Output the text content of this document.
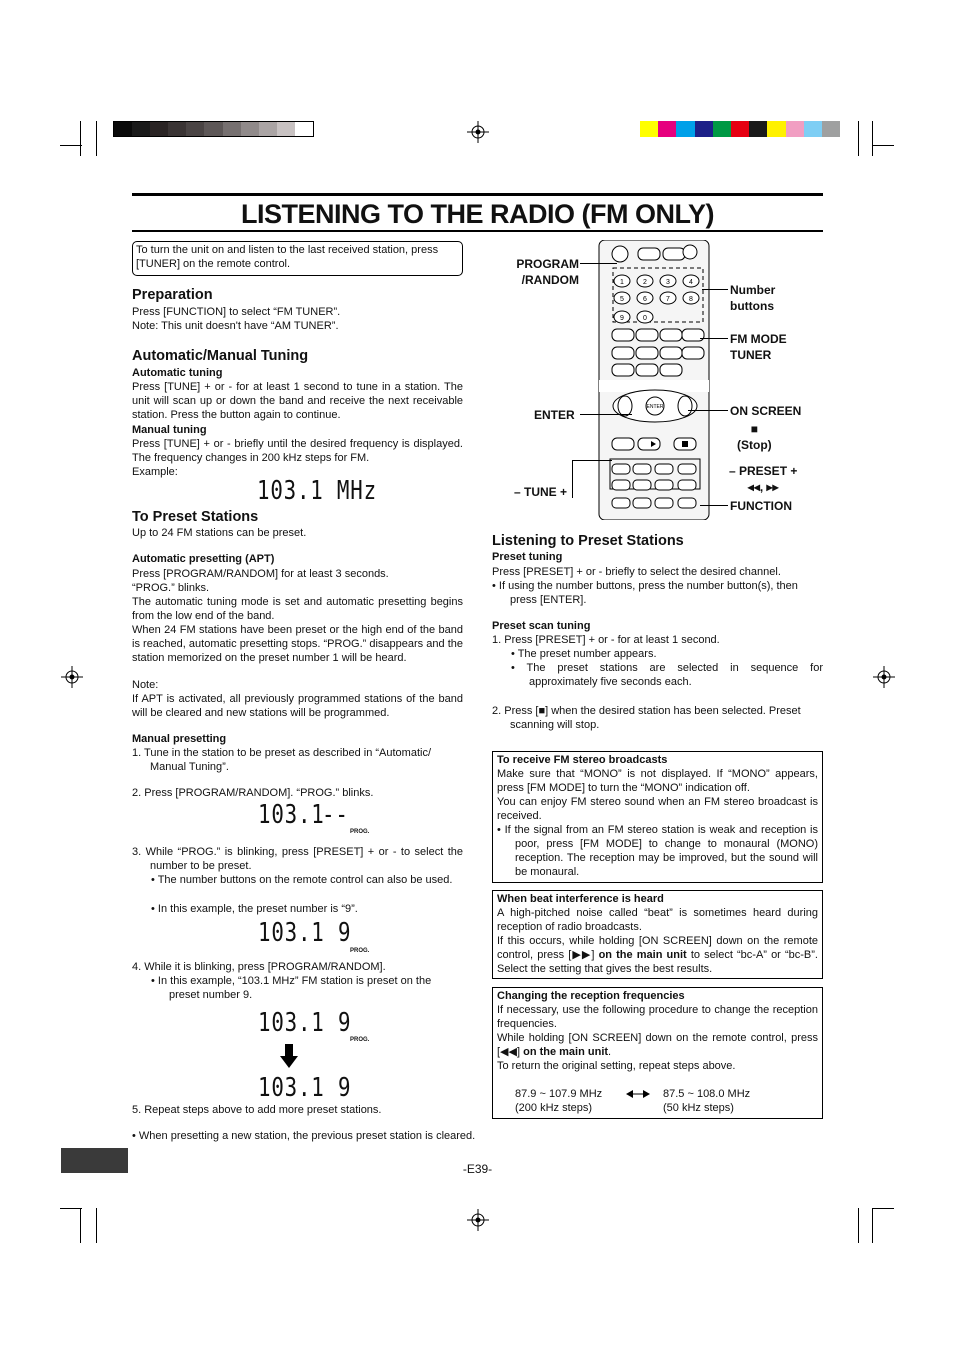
LISTENING TO THE RADIO (FM ONLY)
To turn the unit on and listen to the last received station, press [TUNER] on the remote control.
Preparation
Press [FUNCTION] to select “FM TUNER”.
Note: This unit doesn't have “AM TUNER”.
Automatic/Manual Tuning
Automatic tuning
Press [TUNE] + or - for at least 1 second to tune in a station. The unit will scan up or down the band and receive the next receivable station. Press the button again to continue.
Manual tuning
Press [TUNE] + or - briefly until the desired frequency is displayed. The frequency changes in 200 kHz steps for FM.
Example:
103.1 MHz
To Preset Stations
Up to 24 FM stations can be preset.
Automatic presetting (APT)
Press [PROGRAM/RANDOM] for at least 3 seconds.
“PROG.” blinks.
The automatic tuning mode is set and automatic presetting begins from the low end of the band.
When 24 FM stations have been preset or the high end of the band is reached, automatic presetting stops. “PROG.” disappears and the station memorized on the preset number 1 will be heard.
Note:
If APT is activated, all previously programmed stations of the band will be cleared and new stations will be programmed.
Manual presetting
1. Tune in the station to be preset as described in “Automatic/ Manual Tuning”.
2. Press [PROGRAM/RANDOM]. “PROG.” blinks.
103.1
--
PROG.
3. While “PROG.” is blinking, press [PRESET] + or - to select the number to be preset.
• The number buttons on the remote control can also be used.
• In this example, the preset number is “9”.
103.1 9
PROG.
4. While it is blinking, press [PROGRAM/RANDOM].
• In this example, “103.1 MHz” FM station is preset on the preset number 9.
103.1 9
PROG.
103.1 9
5. Repeat steps above to add more preset stations.
• When presetting a new station, the previous preset station is cleared.
1	2	3	4
5	6	7	8
9	0
ENTER
PROGRAM
/RANDOM
Number
buttons
FM MODE
TUNER
ENTER	ON SCREEN
■
(Stop)
– TUNE +
– PRESET +
◂◂, ▸▸
FUNCTION
Listening to Preset Stations
Preset tuning
Press [PRESET] + or - briefly to select the desired channel.
• If using the number buttons, press the number button(s), then press [ENTER].
Preset scan tuning
1. Press [PRESET] + or - for at least 1 second.
• The preset number appears.
• The preset stations are selected in sequence for approximately five seconds each.
2. Press [■] when the desired station has been selected. Preset scanning will stop.
To receive FM stereo broadcasts
Make sure that “MONO” is not displayed. If “MONO” appears, press [FM MODE] to turn the “MONO” indication off.
You can enjoy FM stereo sound when an FM stereo broadcast is received.
• If the signal from an FM stereo station is weak and reception is poor, press [FM MODE] to change to monaural (MONO) reception. The reception may be improved, but the sound will be monaural.
When beat interference is heard
A high-pitched noise called “beat” is sometimes heard during reception of radio broadcasts.
If this occurs, while holding [ON SCREEN] down on the remote control, press [▶▶] on the main unit to select “bc-A” or “bc-B”. Select the setting that gives the best results.
Changing the reception frequencies
If necessary, use the following procedure to change the reception frequencies.
While holding [ON SCREEN] down on the remote control, press [◀◀] on the main unit.
To return the original setting, repeat steps above.
87.9 ~ 107.9 MHz
(200 kHz steps)
87.5 ~ 108.0 MHz
(50 kHz steps)
-E39-
